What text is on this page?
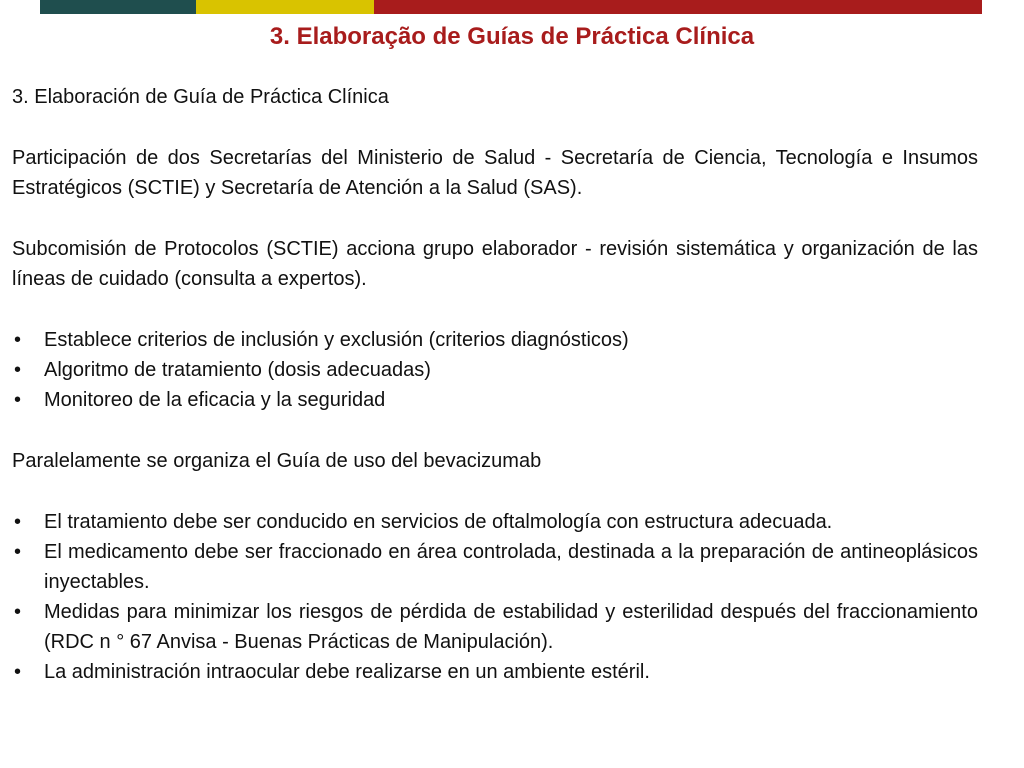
3. Elaboração de Guías de Práctica Clínica

3. Elaboración de Guía de Práctica Clínica

Participación de dos Secretarías del Ministerio de Salud - Secretaría de Ciencia, Tecnología e Insumos Estratégicos (SCTIE) y Secretaría de Atención a la Salud (SAS).

Subcomisión de Protocolos (SCTIE) acciona grupo elaborador - revisión sistemática y organización de las líneas de cuidado (consulta a expertos).

• Establece criterios de inclusión y exclusión (criterios diagnósticos)
• Algoritmo de tratamiento (dosis adecuadas)
• Monitoreo de la eficacia y la seguridad

Paralelamente se organiza el Guía de uso del bevacizumab

• El tratamiento debe ser conducido en servicios de oftalmología con estructura adecuada.
• El medicamento debe ser fraccionado en área controlada, destinada a la preparación de antineoplásicos inyectables.
• Medidas para minimizar los riesgos de pérdida de estabilidad y esterilidad después del fraccionamiento (RDC n ° 67 Anvisa - Buenas Prácticas de Manipulación).
• La administración intraocular debe realizarse en un ambiente estéril.
